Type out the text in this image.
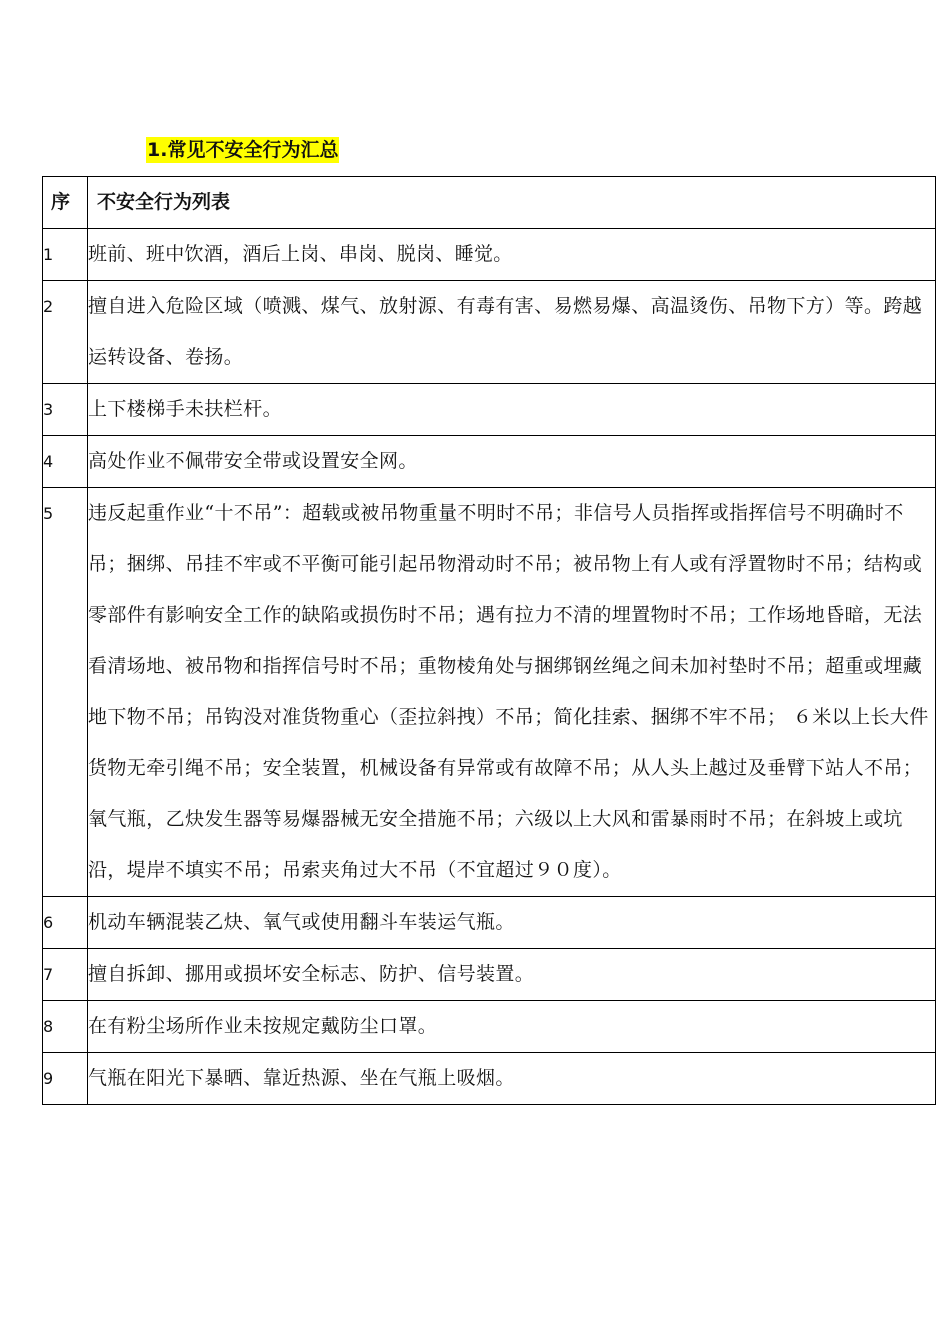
1.常见不安全行为汇总
序	不安全行为列表
1	班前、班中饮酒，酒后上岗、串岗、脱岗、睡觉。
2	擅自进入危险区域（喷溅、煤气、放射源、有毒有害、易燃易爆、高温烫伤、吊物下方）等。跨越运转设备、卷扬。
3	上下楼梯手未扶栏杆。
4	高处作业不佩带安全带或设置安全网。
5	违反起重作业“十不吊”：超载或被吊物重量不明时不吊；非信号人员指挥或指挥信号不明确时不吊；捆绑、吊挂不牢或不平衡可能引起吊物滑动时不吊；被吊物上有人或有浮置物时不吊；结构或零部件有影响安全工作的缺陷或损伤时不吊；遇有拉力不清的埋置物时不吊；工作场地昏暗，无法看清场地、被吊物和指挥信号时不吊；重物棱角处与捆绑钢丝绳之间未加衬垫时不吊；超重或埋藏地下物不吊；吊钩没对准货物重心（歪拉斜拽）不吊；简化挂索、捆绑不牢不吊； ６米以上长大件货物无牵引绳不吊；安全装置，机械设备有异常或有故障不吊；从人头上越过及垂臂下站人不吊；氧气瓶，乙炔发生器等易爆器械无安全措施不吊；六级以上大风和雷暴雨时不吊；在斜坡上或坑沿，堤岸不填实不吊；吊索夹角过大不吊（不宜超过９０度）。
6	机动车辆混装乙炔、氧气或使用翻斗车装运气瓶。
7	擅自拆卸、挪用或损坏安全标志、防护、信号装置。
8	在有粉尘场所作业未按规定戴防尘口罩。
9	气瓶在阳光下暴晒、靠近热源、坐在气瓶上吸烟。
